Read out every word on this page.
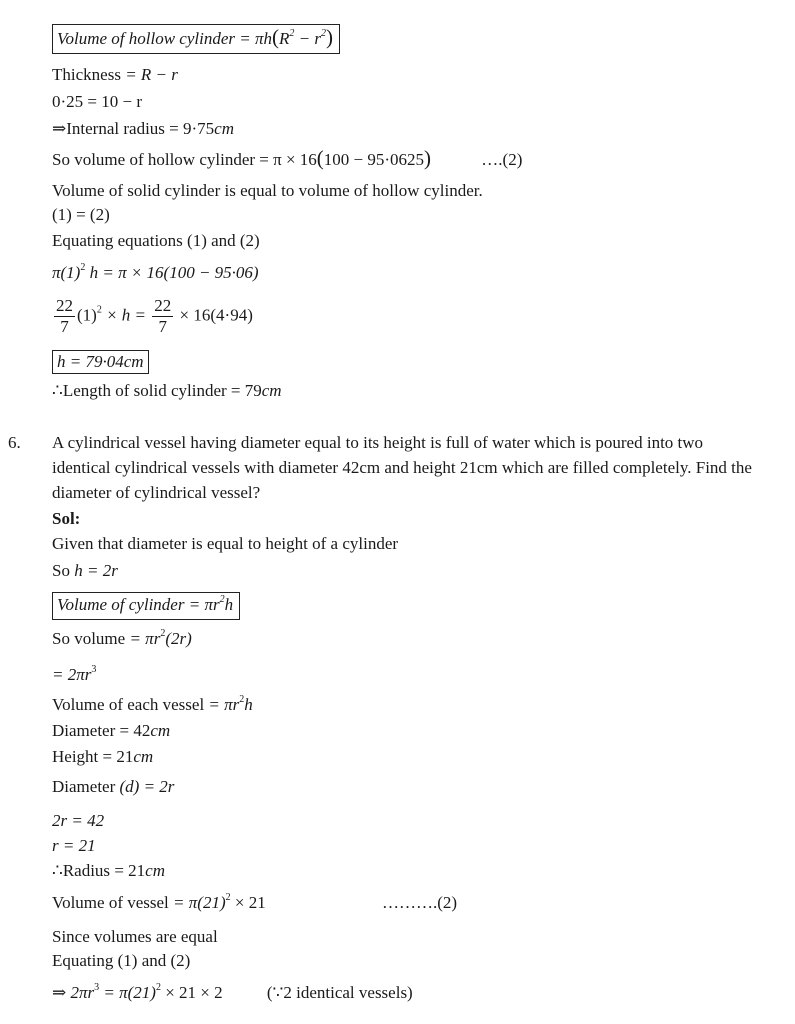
Volume of hollow cylinder = $\pi h(R^2 - r^2)$
Thickness = R − r
0·25 = 10 − r
⇒Internal radius = 9·75cm
So volume of hollow cylinder = π × 16(100 − 95·0625)	….(2)
Volume of solid cylinder is equal to volume of hollow cylinder.
(1) = (2)
Equating equations (1) and (2)
$\pi(1)^2$ h = π × 16(100 − 95·06)
$\frac{22}{7} (1)^2 \times h = \frac{22}{7} \times 16(4\cdot 94)$
h = 79·04cm
∴Length of solid cylinder = 79cm
6. A cylindrical vessel having diameter equal to its height is full of water which is poured into two identical cylindrical vessels with diameter 42cm and height 21cm which are filled completely. Find the diameter of cylindrical vessel?
Sol:
Given that diameter is equal to height of a cylinder
So h = 2r
Volume of cylinder = $\pi r^2h$
So volume = $\pi r^2(2r)$
= $2\pi r^3$
Volume of each vessel = $\pi r^2h$
Diameter = 42cm
Height = 21cm
Diameter (d) = 2r
2r = 42
r = 21
∴Radius = 21cm
Volume of vessel = $\pi(21)^2 \times 21$	……….(2)
Since volumes are equal
Equating (1) and (2)
⇒ $2\pi r^3 = \pi(21)^2 \times 21 \times 2$	(∵2 identical vessels)
